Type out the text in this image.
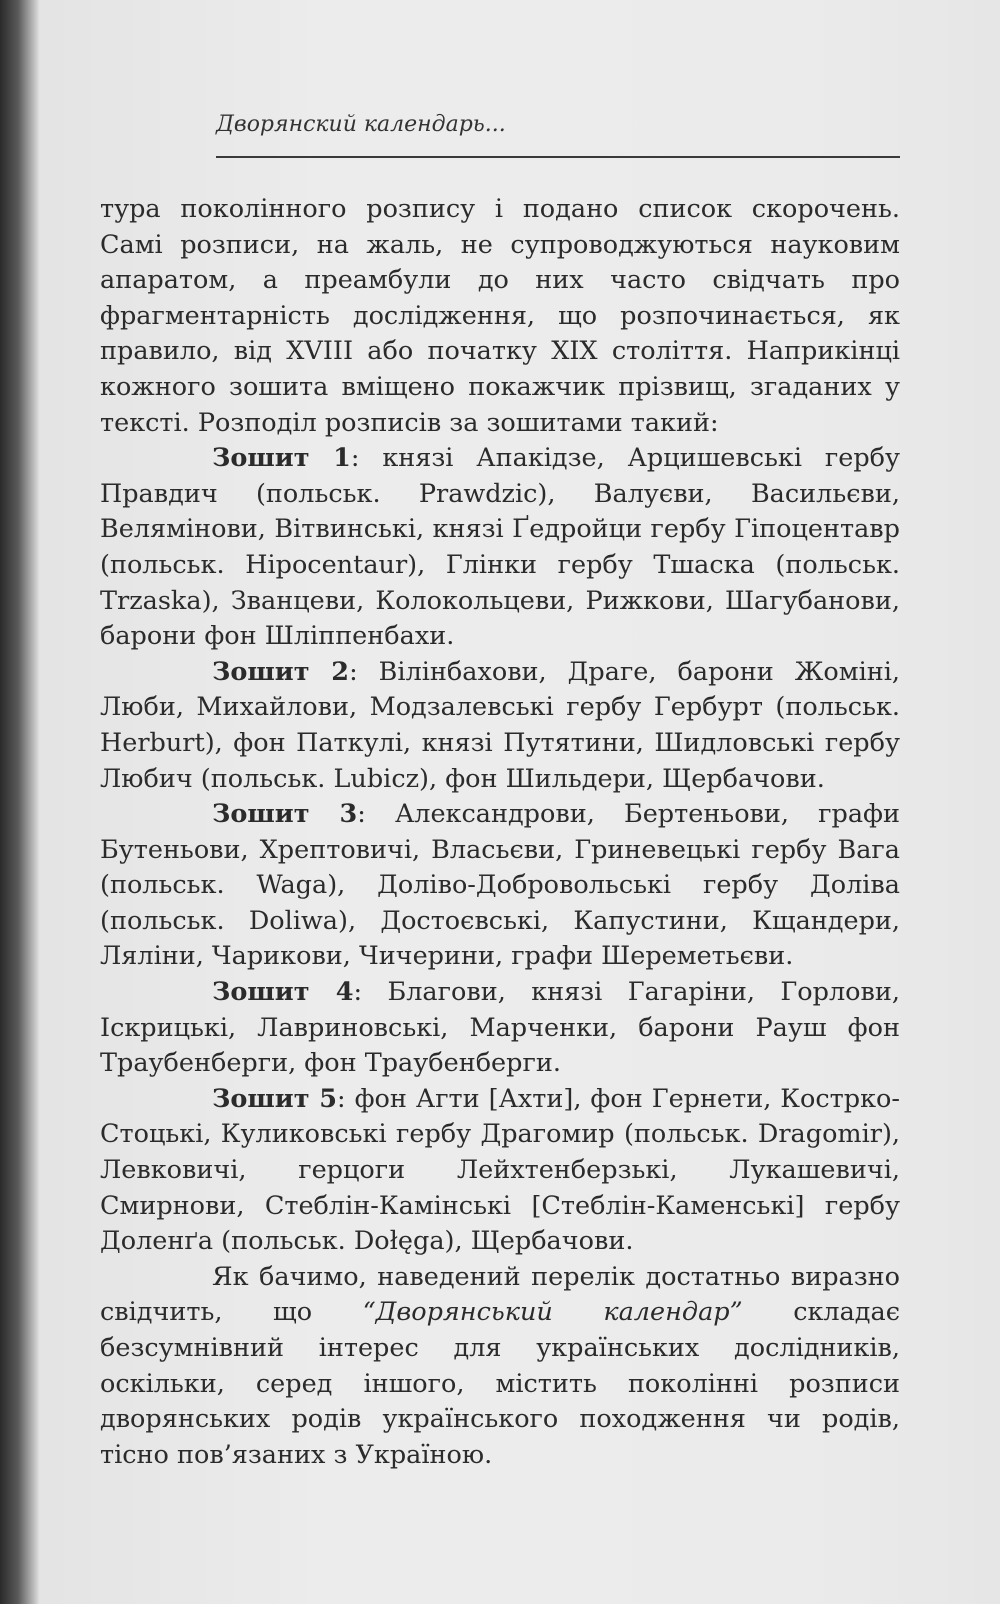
Дворянский календарь...

тура поколінного розпису і подано список скорочень. Самі розписи, на жаль, не супроводжуються науковим апаратом, а преамбули до них часто свідчать про фрагментарність дослідження, що розпочинається, як правило, від XVIII або початку XIX століття. Наприкінці кожного зошита вміщено покажчик прізвищ, згаданих у тексті. Розподіл розписів за зошитами такий:

Зошит 1: князі Апакідзе, Арцишевські гербу Правдич (польськ. Prawdzic), Валуєви, Васильєви, Велямінови, Вітвинські, князі Ґедройци гербу Гіпоцентавр (польськ. Hipocentaur), Глінки гербу Тшаска (польськ. Trzaska), Званцеви, Колокольцеви, Рижкови, Шагубанови, барони фон Шліппенбахи.

Зошит 2: Вілінбахови, Драге, барони Жоміні, Люби, Михайлови, Модзалевські гербу Гербурт (польськ. Herburt), фон Паткулі, князі Путятини, Шидловські гербу Любич (польськ. Lubicz), фон Шильдери, Щербачови.

Зошит 3: Александрови, Бертеньови, графи Бутеньови, Хрептовичі, Власьєви, Гриневецькі гербу Вага (польськ. Waga), Доліво-Добровольські гербу Доліва (польськ. Doliwa), Достоєвські, Капустини, Кщандери, Ляліни, Чарикови, Чичерини, графи Шереметьєви.

Зошит 4: Благови, князі Гагаріни, Горлови, Іскрицькі, Лавриновські, Марченки, барони Рауш фон Траубенберги, фон Траубенберги.

Зошит 5: фон Агти [Ахти], фон Гернети, Кострко-Стоцькі, Куликовські гербу Драгомир (польськ. Dragomir), Левковичі, герцоги Лейхтенберзькі, Лукашевичі, Смирнови, Стеблін-Камінські [Стеблін-Каменські] гербу Доленґа (польськ. Dołęga), Щербачови.

Як бачимо, наведений перелік достатньо виразно свідчить, що “Дворянський календар” складає безсумнівний інтерес для українських дослідників, оскільки, серед іншого, містить поколінні розписи дворянських родів українського походження чи родів, тісно пов’язаних з Україною.
